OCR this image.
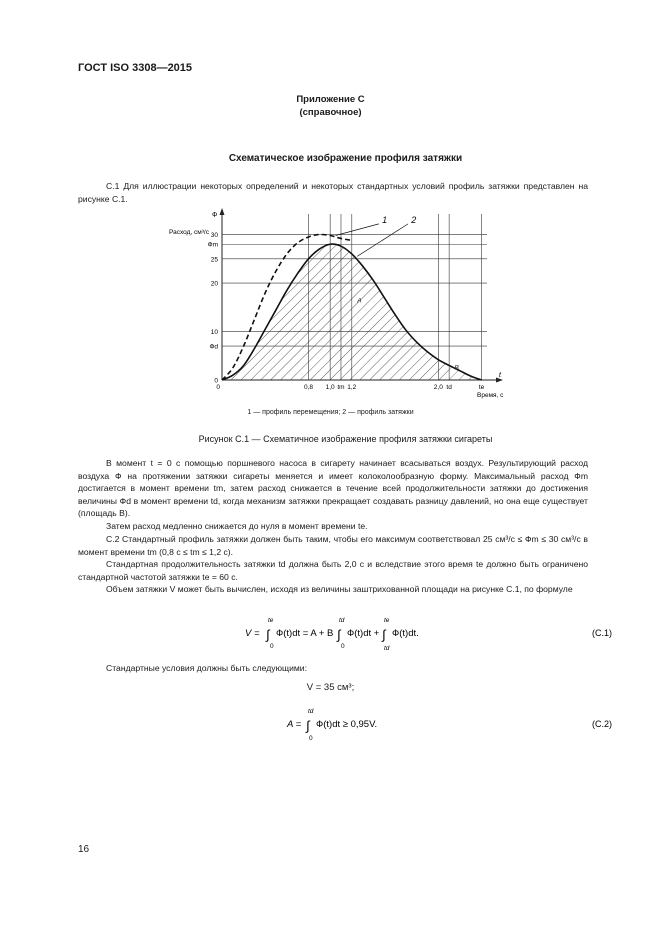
ГОСТ ISO 3308—2015
Приложение С
(справочное)
Схематическое изображение профиля затяжки
С.1 Для иллюстрации некоторых определений и некоторых стандартных условий профиль затяжки представлен на рисунке С.1.
Ф
Расход, см³/с
t
Время, с
30
Фm
25
20
10
Фd
0
0,8 1,0 tm 1,2	2,0 td	te
0
1	2
A
B
1 — профиль перемещения; 2 — профиль затяжки
Рисунок С.1 — Схематичное изображение профиля затяжки сигареты
В момент t = 0 с помощью поршневого насоса в сигарету начинает всасываться воздух. Результирующий расход воздуха Ф на протяжении затяжки сигареты меняется и имеет колоколообразную форму. Максимальный расход Фm достигается в момент времени tm, затем расход снижается в течение всей продолжительности затяжки до достижения величины Фd в момент времени td, когда механизм затяжки прекращает создавать разницу давлений, но она еще существует (площадь В).
Затем расход медленно снижается до нуля в момент времени te.
С.2 Стандартный профиль затяжки должен быть таким, чтобы его максимум соответствовал 25 см³/с ≤ Фm ≤ 30 см³/с в момент времени tm (0,8 с ≤ tm ≤ 1,2 с).
Стандартная продолжительность затяжки td должна быть 2,0 с и вследствие этого время te должно быть ограничено стандартной частотой затяжки te = 60 с.
Объем затяжки V может быть вычислен, исходя из величины заштрихованной площади на рисунке С.1, по формуле
V = ∫
te
0
Ф(t)dt = A + B ∫
td
0
Ф(t)dt + ∫
te
td
Ф(t)dt.	(С.1)
Стандартные условия должны быть следующими:
V = 35 см³;
A = ∫
td
0
Ф(t)dt ≥ 0,95V.	(С.2)
16
